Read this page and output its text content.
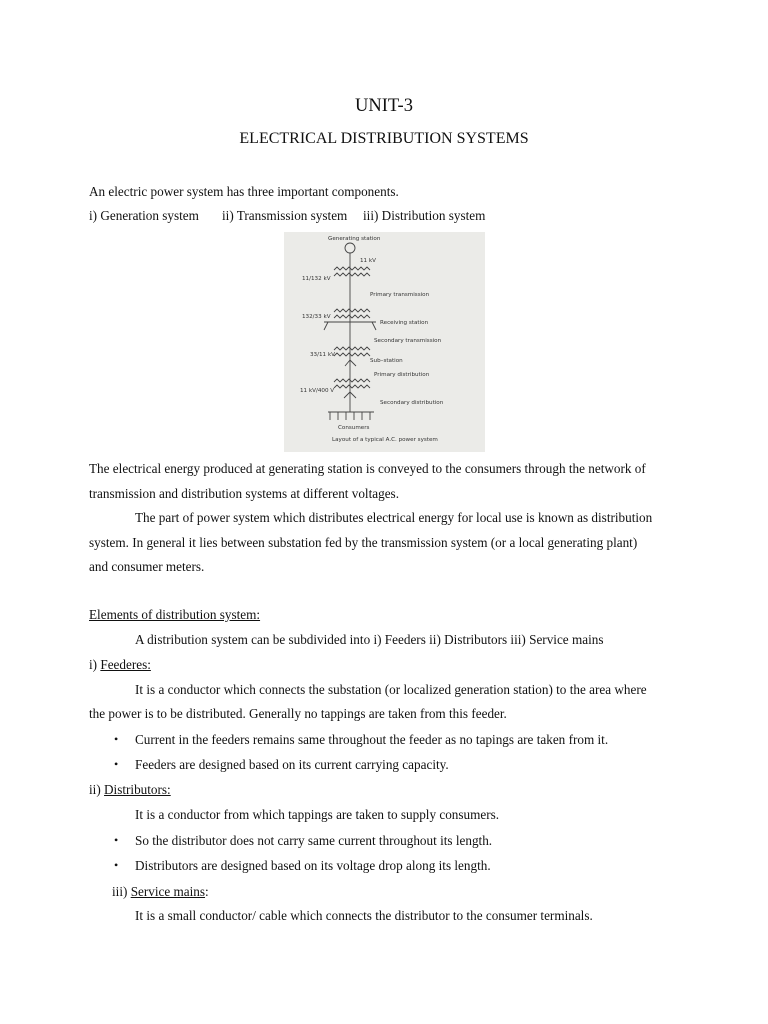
UNIT-3
ELECTRICAL DISTRIBUTION SYSTEMS
An electric power system has three important components.
i) Generation system ii) Transmission system iii) Distribution system
Generating station
11 kV
11/132 kV
Primary transmission
132/33 kV
Receiving station
Secondary transmission
33/11 kV
Sub–station
Primary distribution
11 kV/400 V
Secondary distribution
Consumers
Layout of a typical A.C. power system
The electrical energy produced at generating station is conveyed to the consumers through the network of
transmission and distribution systems at different voltages.
The part of power system which distributes electrical energy for local use is known as distribution
system. In general it lies between substation fed by the transmission system (or a local generating plant)
and consumer meters.
Elements of distribution system:
A distribution system can be subdivided into i) Feeders ii) Distributors iii) Service mains
i) Feederes:
It is a conductor which connects the substation (or localized generation station) to the area where
the power is to be distributed. Generally no tappings are taken from this feeder.
• Current in the feeders remains same throughout the feeder as no tapings are taken from it.
• Feeders are designed based on its current carrying capacity.
ii) Distributors:
It is a conductor from which tappings are taken to supply consumers.
• So the distributor does not carry same current throughout its length.
• Distributors are designed based on its voltage drop along its length.
iii) Service mains:
It is a small conductor/ cable which connects the distributor to the consumer terminals.
